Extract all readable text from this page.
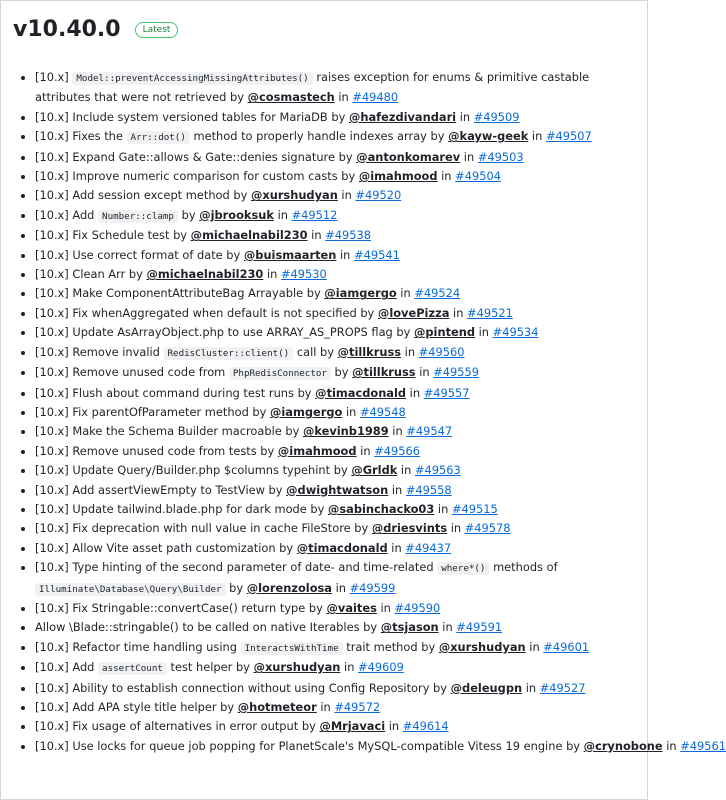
v10.40.0	Latest
• [10.x] Model::preventAccessingMissingAttributes() raises exception for enums & primitive castable attributes that were not retrieved by @cosmastech in #49480
• [10.x] Include system versioned tables for MariaDB by @hafezdivandari in #49509
• [10.x] Fixes the Arr::dot() method to properly handle indexes array by @kayw-geek in #49507
• [10.x] Expand Gate::allows & Gate::denies signature by @antonkomarev in #49503
• [10.x] Improve numeric comparison for custom casts by @imahmood in #49504
• [10.x] Add session except method by @xurshudyan in #49520
• [10.x] Add Number::clamp by @jbrooksuk in #49512
• [10.x] Fix Schedule test by @michaelnabil230 in #49538
• [10.x] Use correct format of date by @buismaarten in #49541
• [10.x] Clean Arr by @michaelnabil230 in #49530
• [10.x] Make ComponentAttributeBag Arrayable by @iamgergo in #49524
• [10.x] Fix whenAggregated when default is not specified by @lovePizza in #49521
• [10.x] Update AsArrayObject.php to use ARRAY_AS_PROPS flag by @pintend in #49534
• [10.x] Remove invalid RedisCluster::client() call by @tillkruss in #49560
• [10.x] Remove unused code from PhpRedisConnector by @tillkruss in #49559
• [10.x] Flush about command during test runs by @timacdonald in #49557
• [10.x] Fix parentOfParameter method by @iamgergo in #49548
• [10.x] Make the Schema Builder macroable by @kevinb1989 in #49547
• [10.x] Remove unused code from tests by @imahmood in #49566
• [10.x] Update Query/Builder.php $columns typehint by @Grldk in #49563
• [10.x] Add assertViewEmpty to TestView by @dwightwatson in #49558
• [10.x] Update tailwind.blade.php for dark mode by @sabinchacko03 in #49515
• [10.x] Fix deprecation with null value in cache FileStore by @driesvints in #49578
• [10.x] Allow Vite asset path customization by @timacdonald in #49437
• [10.x] Type hinting of the second parameter of date- and time-related where*() methods of Illuminate\Database\Query\Builder by @lorenzolosa in #49599
• [10.x] Fix Stringable::convertCase() return type by @vaites in #49590
• Allow \Blade::stringable() to be called on native Iterables by @tsjason in #49591
• [10.x] Refactor time handling using InteractsWithTime trait method by @xurshudyan in #49601
• [10.x] Add assertCount test helper by @xurshudyan in #49609
• [10.x] Ability to establish connection without using Config Repository by @deleugpn in #49527
• [10.x] Add APA style title helper by @hotmeteor in #49572
• [10.x] Fix usage of alternatives in error output by @Mrjavaci in #49614
• [10.x] Use locks for queue job popping for PlanetScale's MySQL-compatible Vitess 19 engine by @crynobone in #49561
